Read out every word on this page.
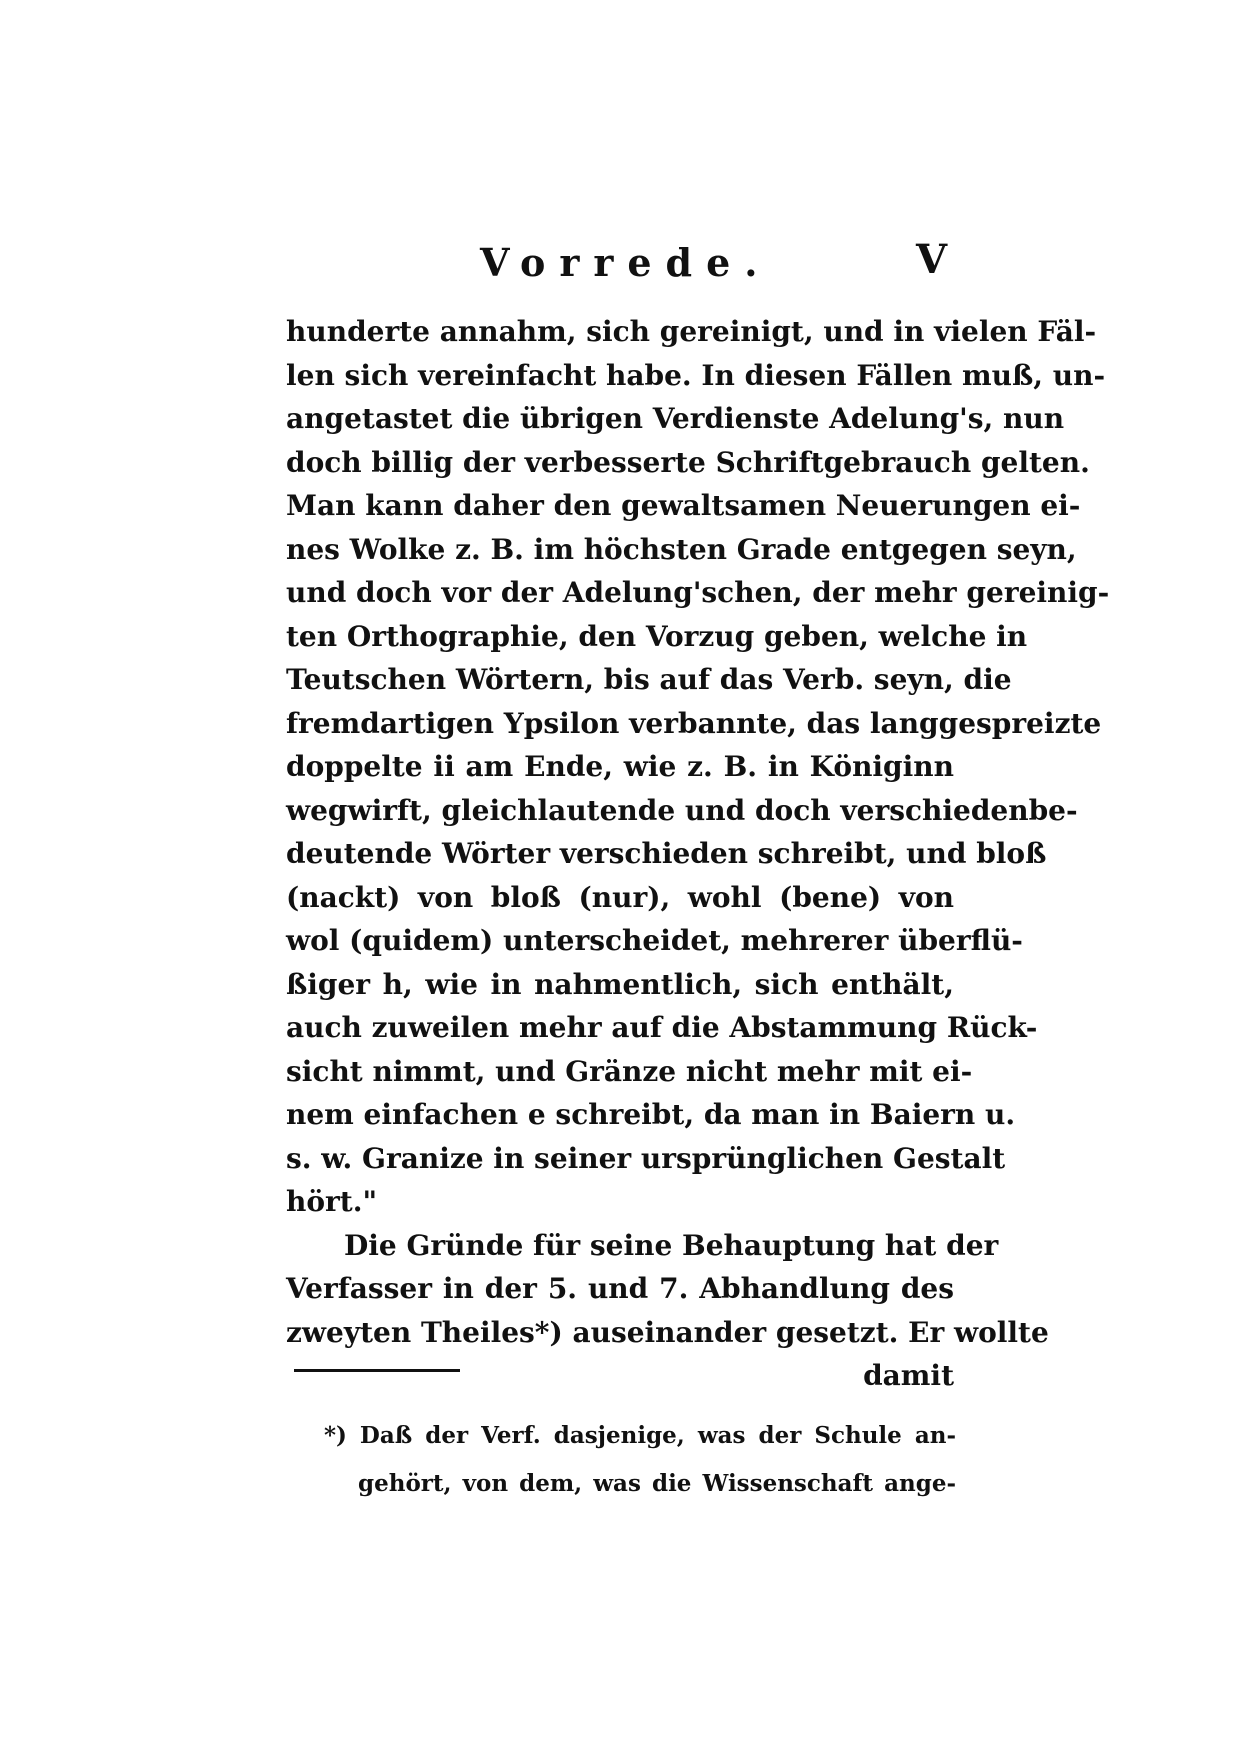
Vorrede.	V
hunderte annahm, sich gereinigt, und in vielen Fäl-
len sich vereinfacht habe. In diesen Fällen muß, un-
angetastet die übrigen Verdienste Adelung's, nun
doch billig der verbesserte Schriftgebrauch gelten.
Man kann daher den gewaltsamen Neuerungen ei-
nes Wolke z. B. im höchsten Grade entgegen seyn,
und doch vor der Adelung'schen, der mehr gereinig-
ten Orthographie, den Vorzug geben, welche in
Teutschen Wörtern, bis auf das Verb. seyn, die
fremdartigen Ypsilon verbannte, das langgespreizte
doppelte ii am Ende, wie z. B. in Königinn
wegwirft, gleichlautende und doch verschiedenbe-
deutende Wörter verschieden schreibt, und bloß
(nackt) von bloß (nur), wohl (bene) von
wol (quidem) unterscheidet, mehrerer überflü-
ßiger h, wie in nahmentlich, sich enthält,
auch zuweilen mehr auf die Abstammung Rück-
sicht nimmt, und Gränze nicht mehr mit ei-
nem einfachen e schreibt, da man in Baiern u.
s. w. Granize in seiner ursprünglichen Gestalt
hört."
Die Gründe für seine Behauptung hat der
Verfasser in der 5. und 7. Abhandlung des
zweyten Theiles*) auseinander gesetzt. Er wollte
damit
*) Daß der Verf. dasjenige, was der Schule an-
gehört, von dem, was die Wissenschaft ange-
